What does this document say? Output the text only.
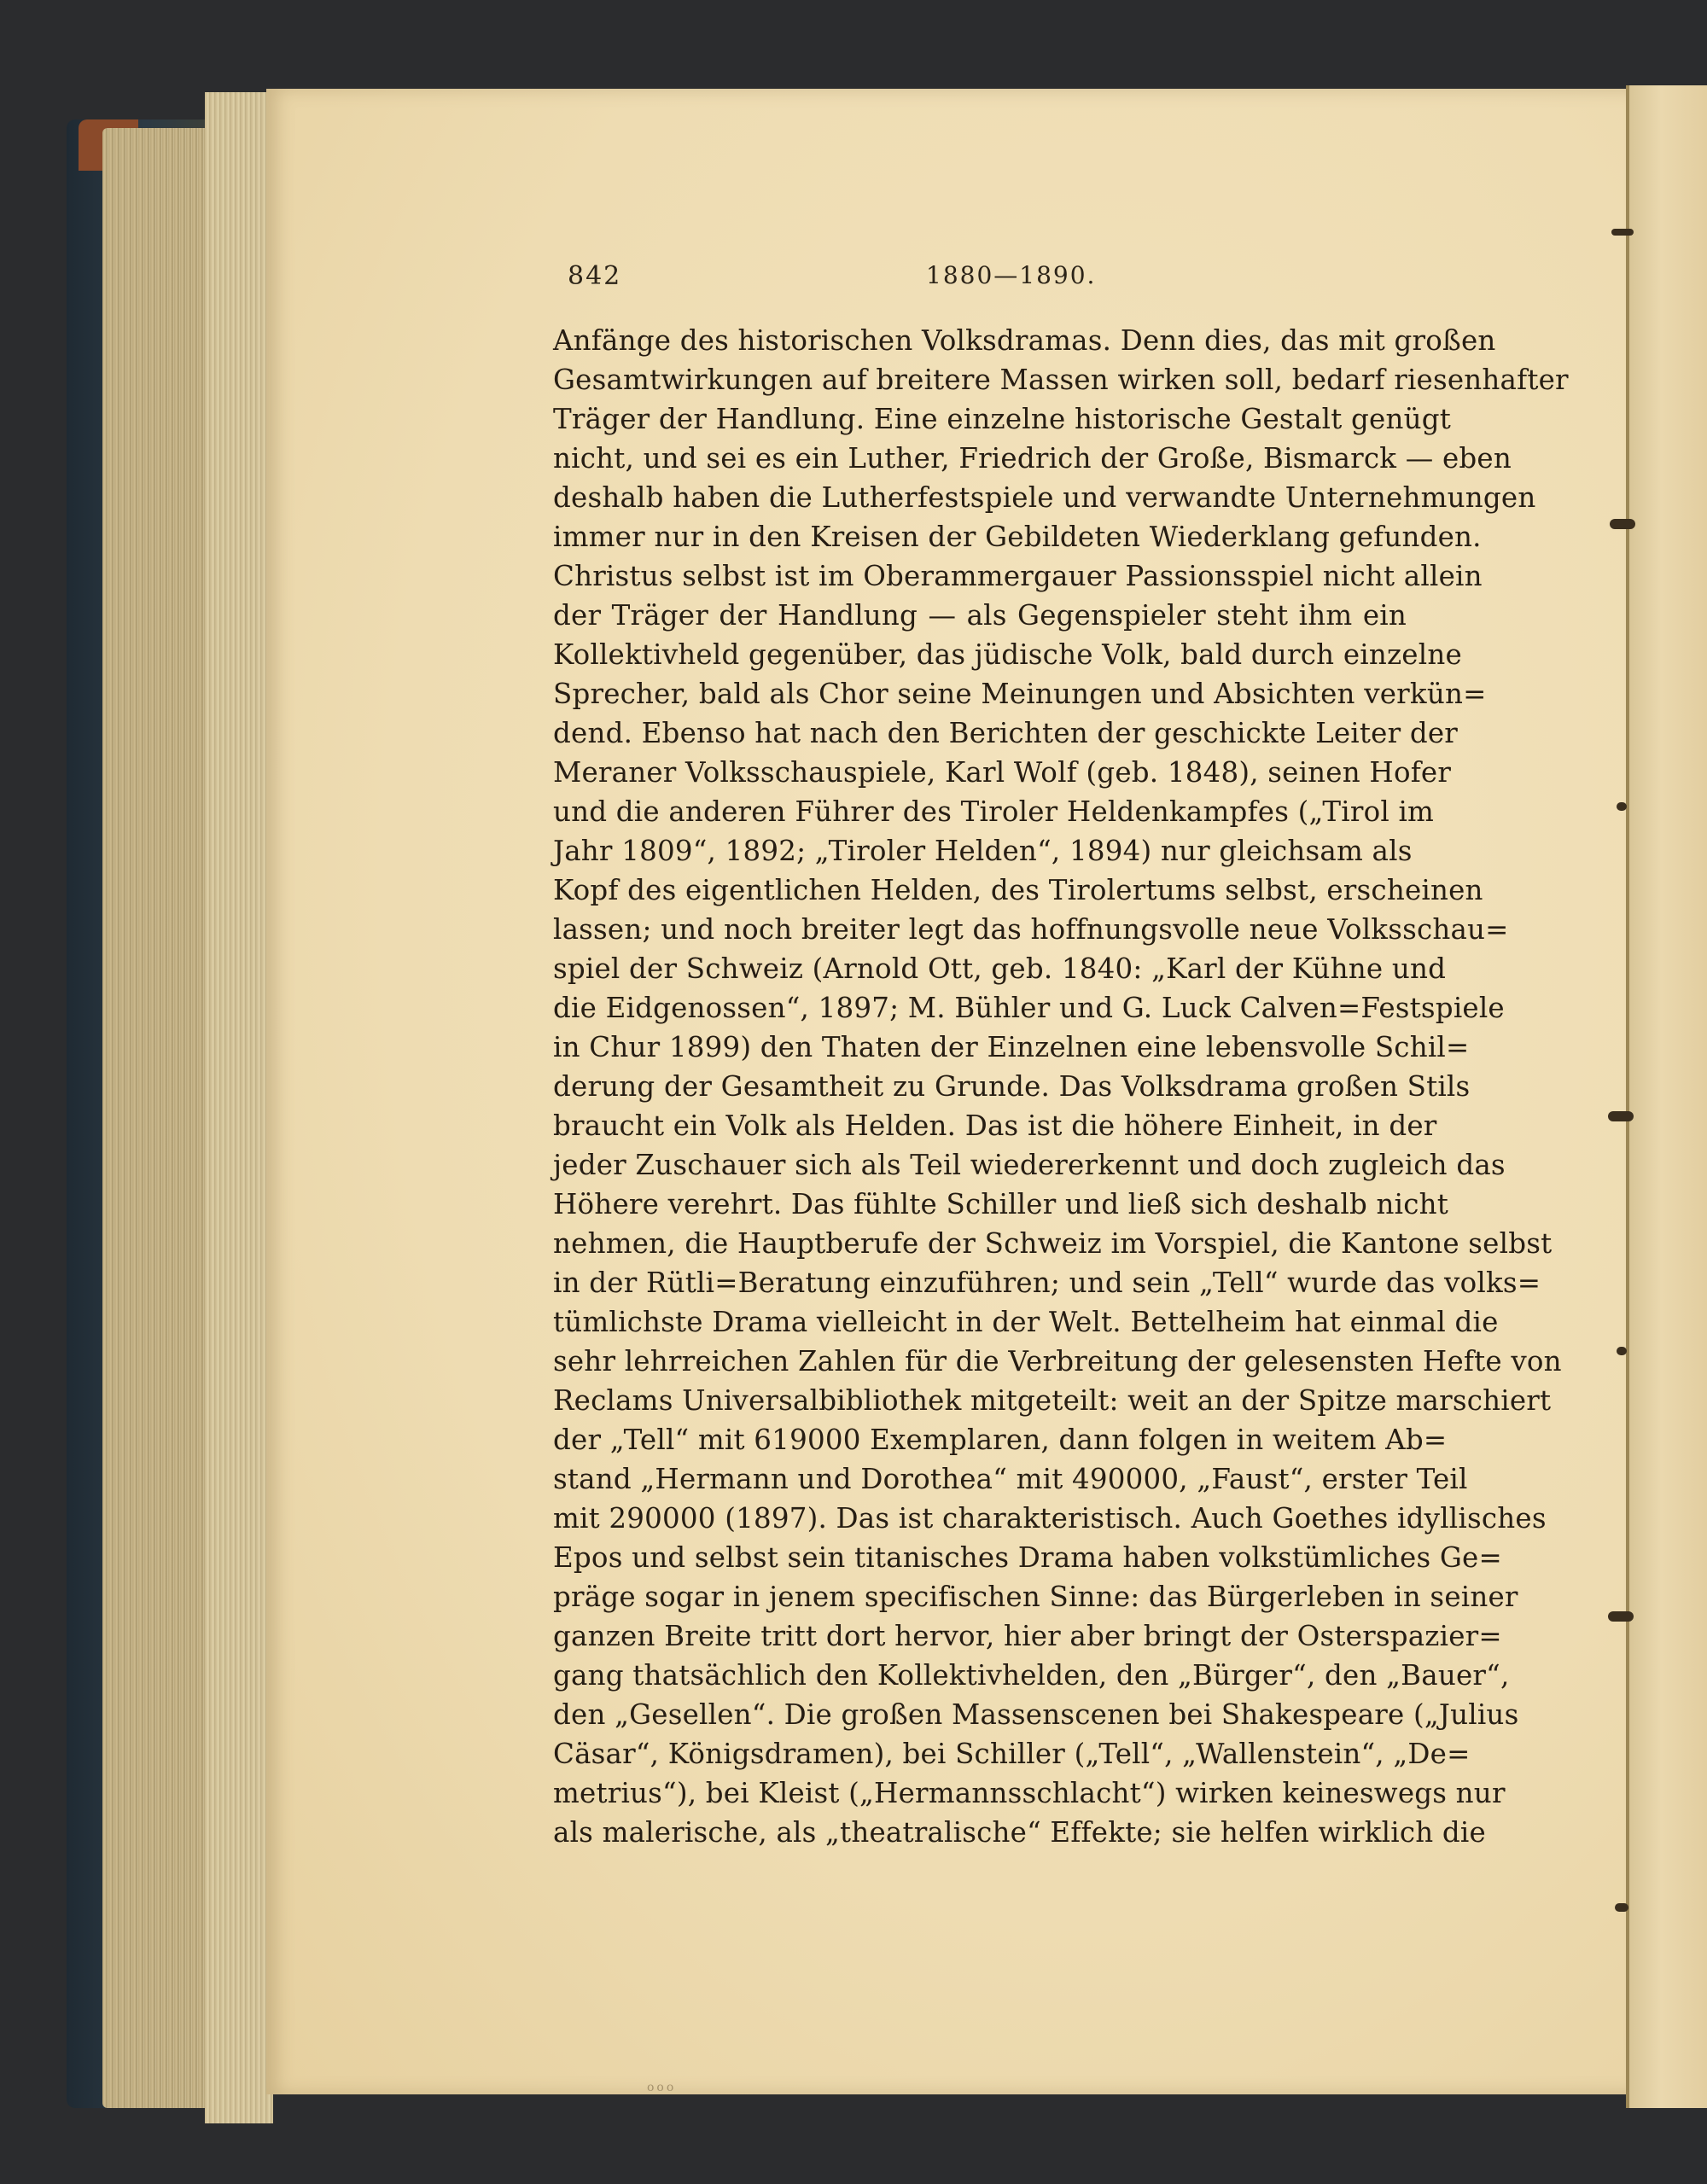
842	1880—1890.
Anfänge des historischen Volksdramas. Denn dies, das mit großen
Gesamtwirkungen auf breitere Massen wirken soll, bedarf riesenhafter
Träger der Handlung. Eine einzelne historische Gestalt genügt
nicht, und sei es ein Luther, Friedrich der Große, Bismarck — eben
deshalb haben die Lutherfestspiele und verwandte Unternehmungen
immer nur in den Kreisen der Gebildeten Wiederklang gefunden.
Christus selbst ist im Oberammergauer Passionsspiel nicht allein
der Träger der Handlung — als Gegenspieler steht ihm ein
Kollektivheld gegenüber, das jüdische Volk, bald durch einzelne
Sprecher, bald als Chor seine Meinungen und Absichten verkün=
dend. Ebenso hat nach den Berichten der geschickte Leiter der
Meraner Volksschauspiele, Karl Wolf (geb. 1848), seinen Hofer
und die anderen Führer des Tiroler Heldenkampfes („Tirol im
Jahr 1809“, 1892; „Tiroler Helden“, 1894) nur gleichsam als
Kopf des eigentlichen Helden, des Tirolertums selbst, erscheinen
lassen; und noch breiter legt das hoffnungsvolle neue Volksschau=
spiel der Schweiz (Arnold Ott, geb. 1840: „Karl der Kühne und
die Eidgenossen“, 1897; M. Bühler und G. Luck Calven=Festspiele
in Chur 1899) den Thaten der Einzelnen eine lebensvolle Schil=
derung der Gesamtheit zu Grunde. Das Volksdrama großen Stils
braucht ein Volk als Helden. Das ist die höhere Einheit, in der
jeder Zuschauer sich als Teil wiedererkennt und doch zugleich das
Höhere verehrt. Das fühlte Schiller und ließ sich deshalb nicht
nehmen, die Hauptberufe der Schweiz im Vorspiel, die Kantone selbst
in der Rütli=Beratung einzuführen; und sein „Tell“ wurde das volks=
tümlichste Drama vielleicht in der Welt. Bettelheim hat einmal die
sehr lehrreichen Zahlen für die Verbreitung der gelesensten Hefte von
Reclams Universalbibliothek mitgeteilt: weit an der Spitze marschiert
der „Tell“ mit 619000 Exemplaren, dann folgen in weitem Ab=
stand „Hermann und Dorothea“ mit 490000, „Faust“, erster Teil
mit 290000 (1897). Das ist charakteristisch. Auch Goethes idyllisches
Epos und selbst sein titanisches Drama haben volkstümliches Ge=
präge sogar in jenem specifischen Sinne: das Bürgerleben in seiner
ganzen Breite tritt dort hervor, hier aber bringt der Osterspazier=
gang thatsächlich den Kollektivhelden, den „Bürger“, den „Bauer“,
den „Gesellen“. Die großen Massenscenen bei Shakespeare („Julius
Cäsar“, Königsdramen), bei Schiller („Tell“, „Wallenstein“, „De=
metrius“), bei Kleist („Hermannsschlacht“) wirken keineswegs nur
als malerische, als „theatralische“ Effekte; sie helfen wirklich die
ooo
